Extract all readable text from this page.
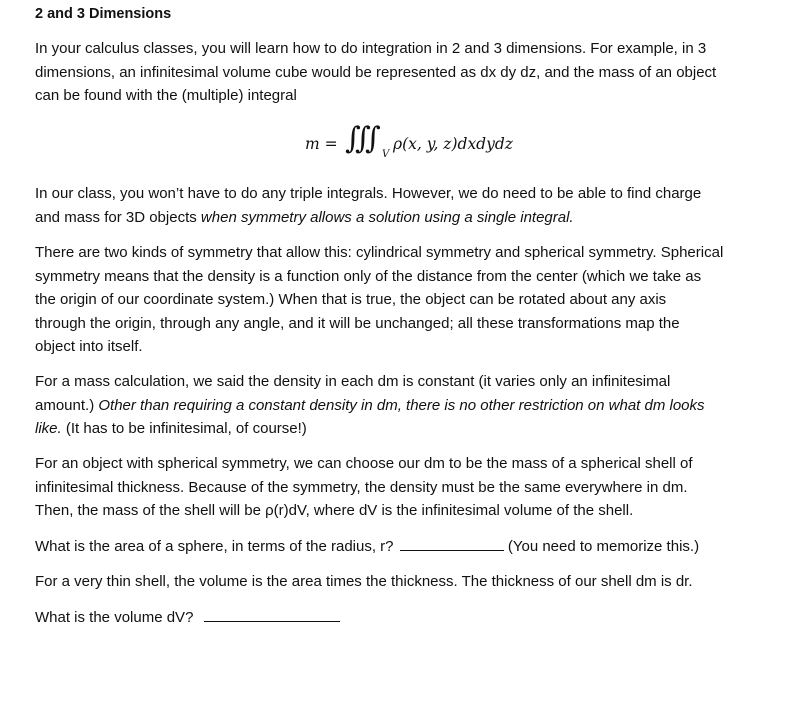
2 and 3 Dimensions
In your calculus classes, you will learn how to do integration in 2 and 3 dimensions. For example, in 3
dimensions, an infinitesimal volume cube would be represented as dx dy dz, and the mass of an object
can be found with the (multiple) integral
m = ∭ V
ρ(x, y, z)dxdydz
In our class, you won’t have to do any triple integrals. However, we do need to be able to find charge
and mass for 3D objects when symmetry allows a solution using a single integral.
There are two kinds of symmetry that allow this: cylindrical symmetry and spherical symmetry. Spherical
symmetry means that the density is a function only of the distance from the center (which we take as
the origin of our coordinate system.) When that is true, the object can be rotated about any axis
through the origin, through any angle, and it will be unchanged; all these transformations map the
object into itself.
For a mass calculation, we said the density in each dm is constant (it varies only an infinitesimal
amount.) Other than requiring a constant density in dm, there is no other restriction on what dm looks
like. (It has to be infinitesimal, of course!)
For an object with spherical symmetry, we can choose our dm to be the mass of a spherical shell of
infinitesimal thickness. Because of the symmetry, the density must be the same everywhere in dm.
Then, the mass of the shell will be ρ(r)dV, where dV is the infinitesimal volume of the shell.
What is the area of a sphere, in terms of the radius, r?	(You need to memorize this.)
For a very thin shell, the volume is the area times the thickness. The thickness of our shell dm is dr.
What is the volume dV?
